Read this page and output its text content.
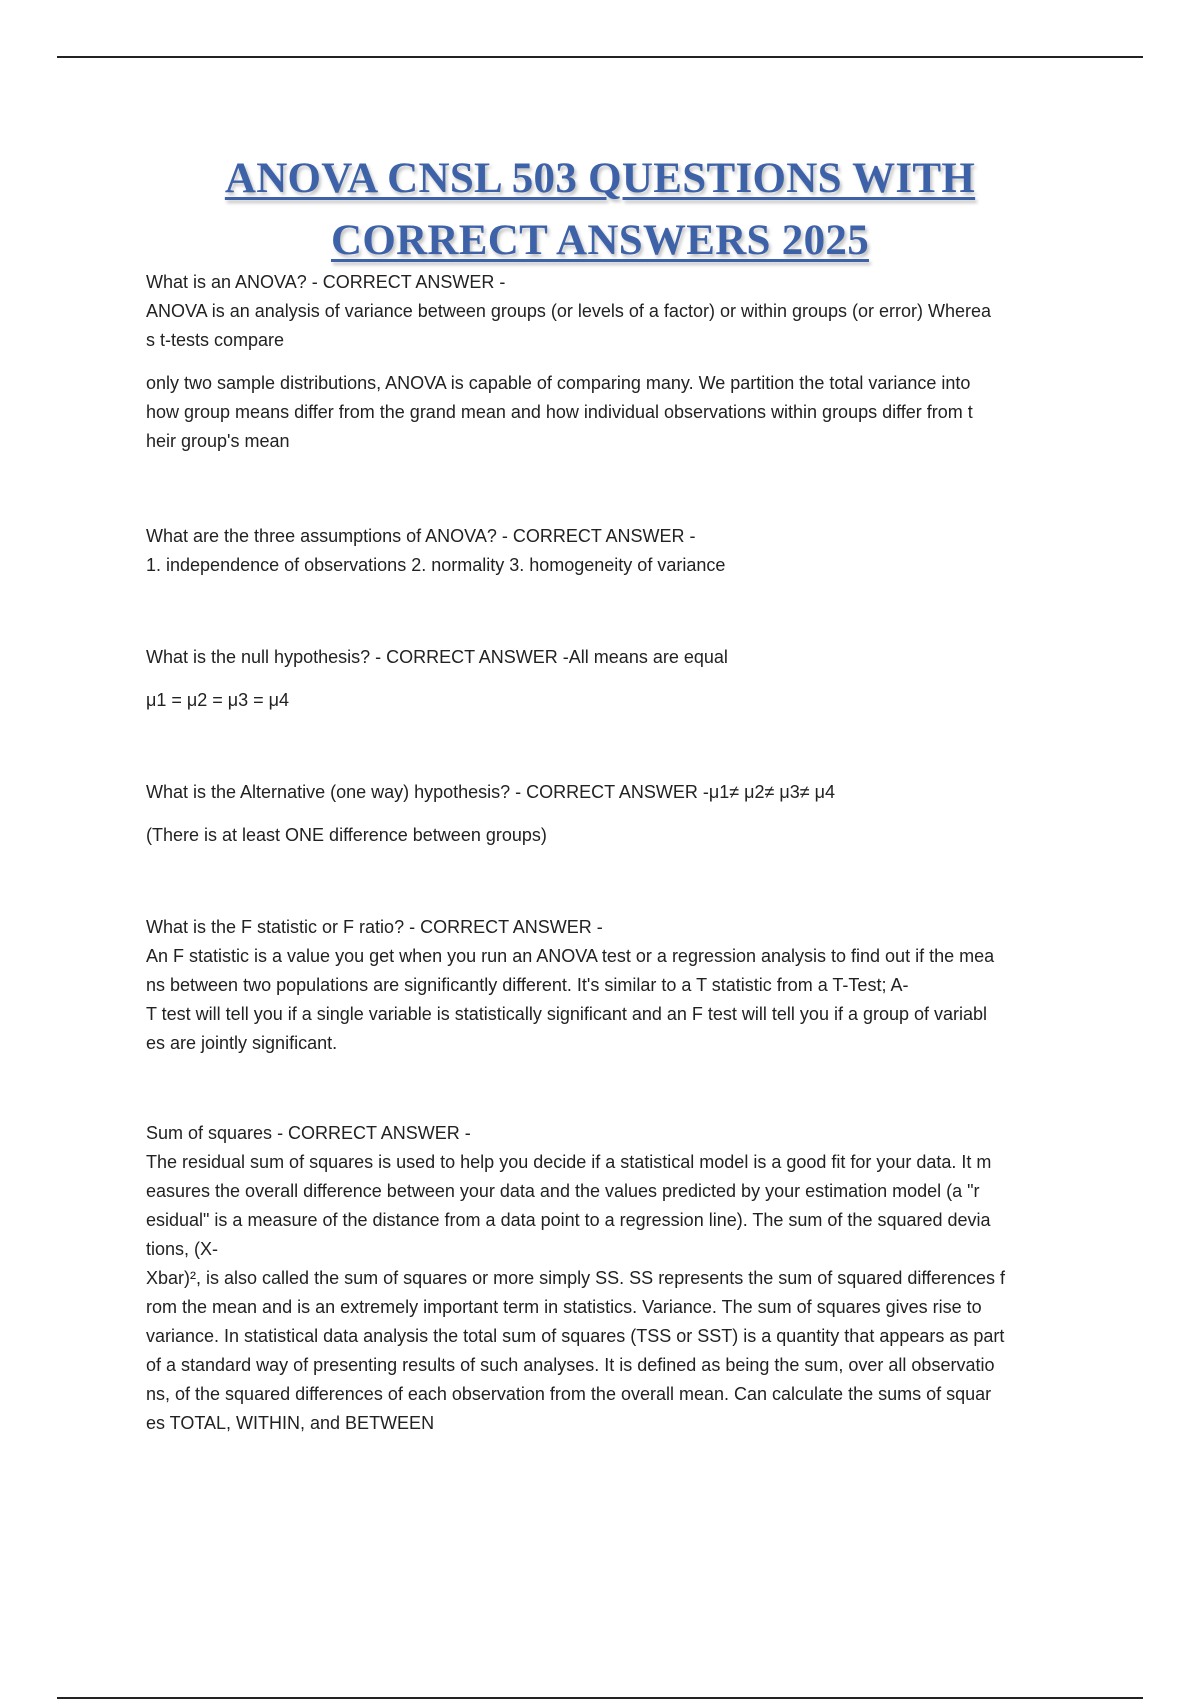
ANOVA CNSL 503 QUESTIONS WITH
CORRECT ANSWERS 2025

What is an ANOVA? - CORRECT ANSWER -

ANOVA is an analysis of variance between groups (or levels of a factor) or within groups (or error) Wherea
s t-tests compare

only two sample distributions, ANOVA is capable of comparing many. We partition the total variance into
how group means differ from the grand mean and how individual observations within groups differ from t
heir group's mean

What are the three assumptions of ANOVA? - CORRECT ANSWER -

1. independence of observations 2. normality 3. homogeneity of variance

What is the null hypothesis? - CORRECT ANSWER -All means are equal

μ1 = μ2 = μ3 = μ4

What is the Alternative (one way) hypothesis? - CORRECT ANSWER -μ1≠ μ2≠ μ3≠ μ4

(There is at least ONE difference between groups)

What is the F statistic or F ratio? - CORRECT ANSWER -

An F statistic is a value you get when you run an ANOVA test or a regression analysis to find out if the mea
ns between two populations are significantly different. It's similar to a T statistic from a T-Test; A-
T test will tell you if a single variable is statistically significant and an F test will tell you if a group of variabl
es are jointly significant.

Sum of squares - CORRECT ANSWER -

The residual sum of squares is used to help you decide if a statistical model is a good fit for your data. It m
easures the overall difference between your data and the values predicted by your estimation model (a "r
esidual" is a measure of the distance from a data point to a regression line). The sum of the squared devia
tions, (X-
Xbar)², is also called the sum of squares or more simply SS. SS represents the sum of squared differences f
rom the mean and is an extremely important term in statistics. Variance. The sum of squares gives rise to
variance. In statistical data analysis the total sum of squares (TSS or SST) is a quantity that appears as part
of a standard way of presenting results of such analyses. It is defined as being the sum, over all observatio
ns, of the squared differences of each observation from the overall mean. Can calculate the sums of squar
es TOTAL, WITHIN, and BETWEEN
